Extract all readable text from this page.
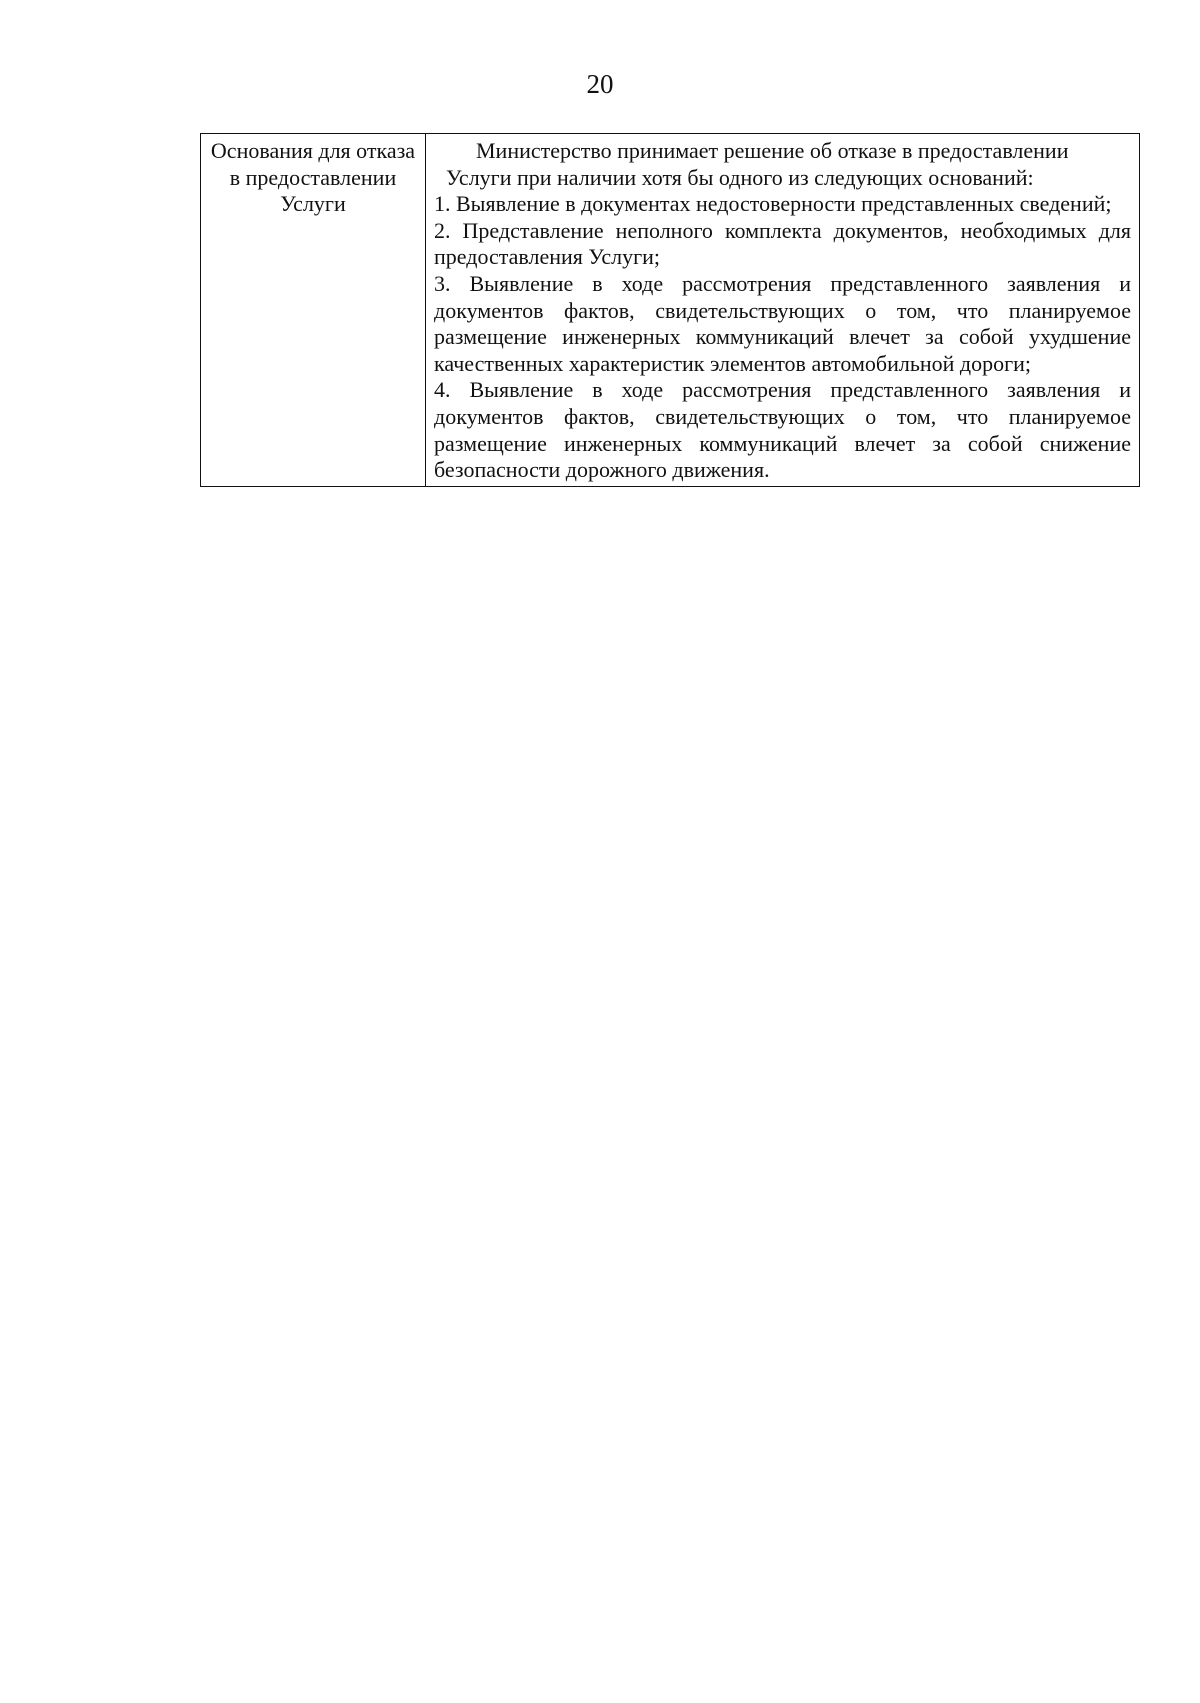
20
Основания для отказа в предоставлении Услуги

Министерство принимает решение об отказе в предоставлении
Услуги при наличии хотя бы одного из следующих оснований:
1. Выявление в документах недостоверности представленных сведений;
2. Представление неполного комплекта документов, необходимых для предоставления Услуги;
3. Выявление в ходе рассмотрения представленного заявления и документов фактов, свидетельствующих о том, что планируемое размещение инженерных коммуникаций влечет за собой ухудшение качественных характеристик элементов автомобильной дороги;
4. Выявление в ходе рассмотрения представленного заявления и документов фактов, свидетельствующих о том, что планируемое размещение инженерных коммуникаций влечет за собой снижение безопасности дорожного движения.
